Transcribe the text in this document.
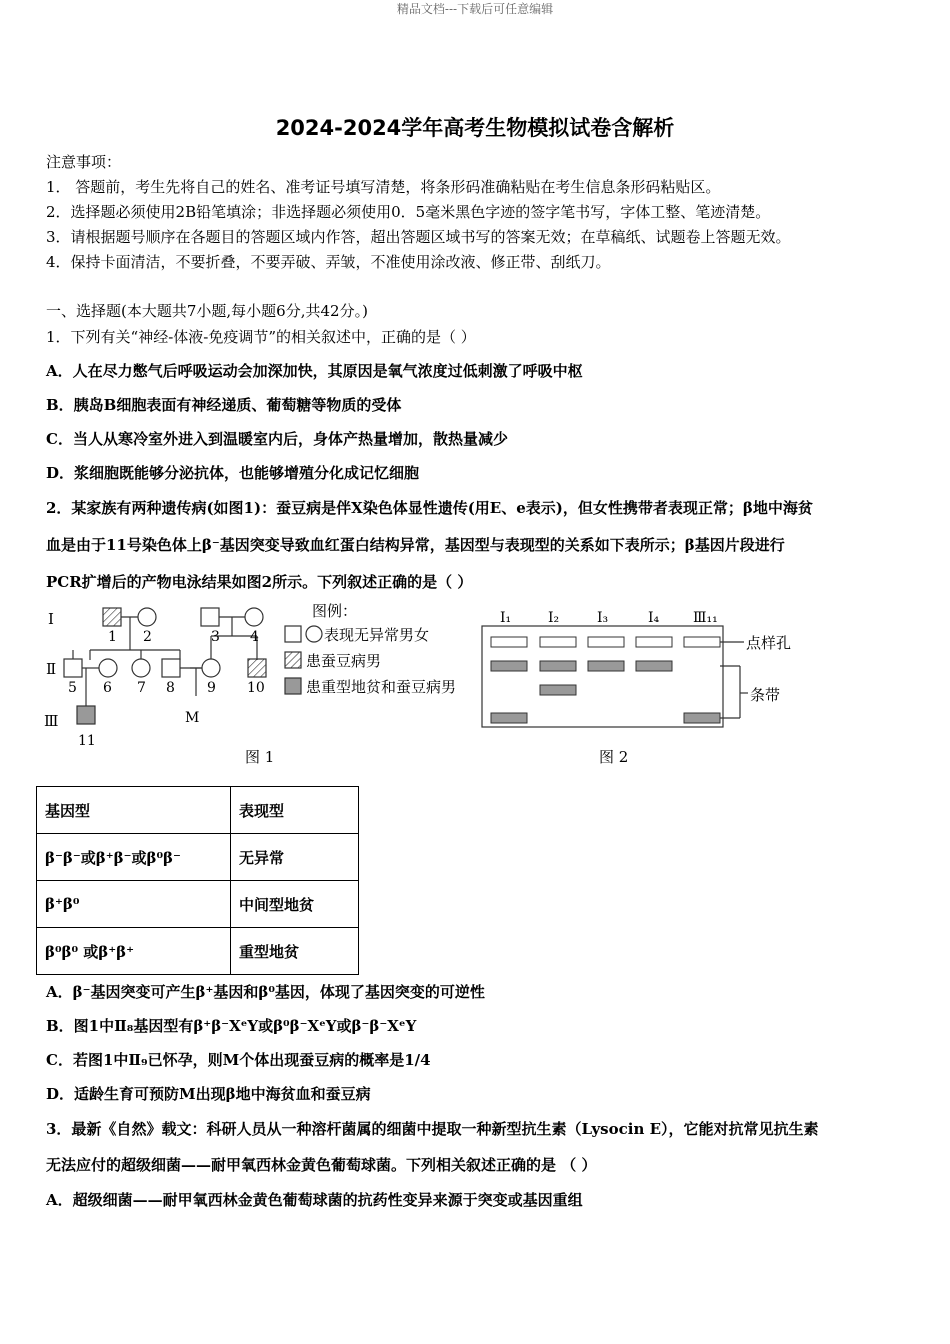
精品文档---下载后可任意编辑
2024-2024学年高考生物模拟试卷含解析
注意事项：
1． 答题前，考生先将自己的姓名、准考证号填写清楚，将条形码准确粘贴在考生信息条形码粘贴区。
2．选择题必须使用2B铅笔填涂；非选择题必须使用0．5毫米黑色字迹的签字笔书写，字体工整、笔迹清楚。
3．请根据题号顺序在各题目的答题区域内作答，超出答题区域书写的答案无效；在草稿纸、试题卷上答题无效。
4．保持卡面清洁，不要折叠，不要弄破、弄皱，不准使用涂改液、修正带、刮纸刀。
一、选择题(本大题共7小题,每小题6分,共42分。)
1．下列有关“神经-体液-免疫调节”的相关叙述中，正确的是（ ）
A．人在尽力憋气后呼吸运动会加深加快，其原因是氧气浓度过低刺激了呼吸中枢
B．胰岛B细胞表面有神经递质、葡萄糖等物质的受体
C．当人从寒冷室外进入到温暖室内后，身体产热量增加，散热量减少
D．浆细胞既能够分泌抗体，也能够增殖分化成记忆细胞
2．某家族有两种遗传病(如图1)：蚕豆病是伴X染色体显性遗传(用E、e表示)，但女性携带者表现正常；β地中海贫
血是由于11号染色体上β⁻基因突变导致血红蛋白结构异常，基因型与表现型的关系如下表所示；β基因片段进行
PCR扩增后的产物电泳结果如图2所示。下列叙述正确的是（ ）
Ⅰ
Ⅱ
Ⅲ
1 2	3 4
5 6 7 8 9 10
11
M
图例：
表现无异常男女
患蚕豆病男
患重型地贫和蚕豆病男
图 1
Ⅰ₁	Ⅰ₂	Ⅰ₃	Ⅰ₄ Ⅲ₁₁
点样孔
条带
图 2
基因型	表现型
β⁻β⁻或β⁺β⁻或β⁰β⁻	无异常
β⁺β⁰	中间型地贫
β⁰β⁰ 或β⁺β⁺	重型地贫
A．β⁻基因突变可产生β⁺基因和β⁰基因，体现了基因突变的可逆性
B．图1中Ⅱ₈基因型有β⁺β⁻XᵉY或β⁰β⁻XᵉY或β⁻β⁻XᵉY
C．若图1中Ⅱ₉已怀孕，则M个体出现蚕豆病的概率是1/4
D．适龄生育可预防M出现β地中海贫血和蚕豆病
3．最新《自然》载文：科研人员从一种溶杆菌属的细菌中提取一种新型抗生素（Lysocin E），它能对抗常见抗生素
无法应付的超级细菌——耐甲氧西林金黄色葡萄球菌。下列相关叙述正确的是 （ ）
A．超级细菌——耐甲氧西林金黄色葡萄球菌的抗药性变异来源于突变或基因重组
